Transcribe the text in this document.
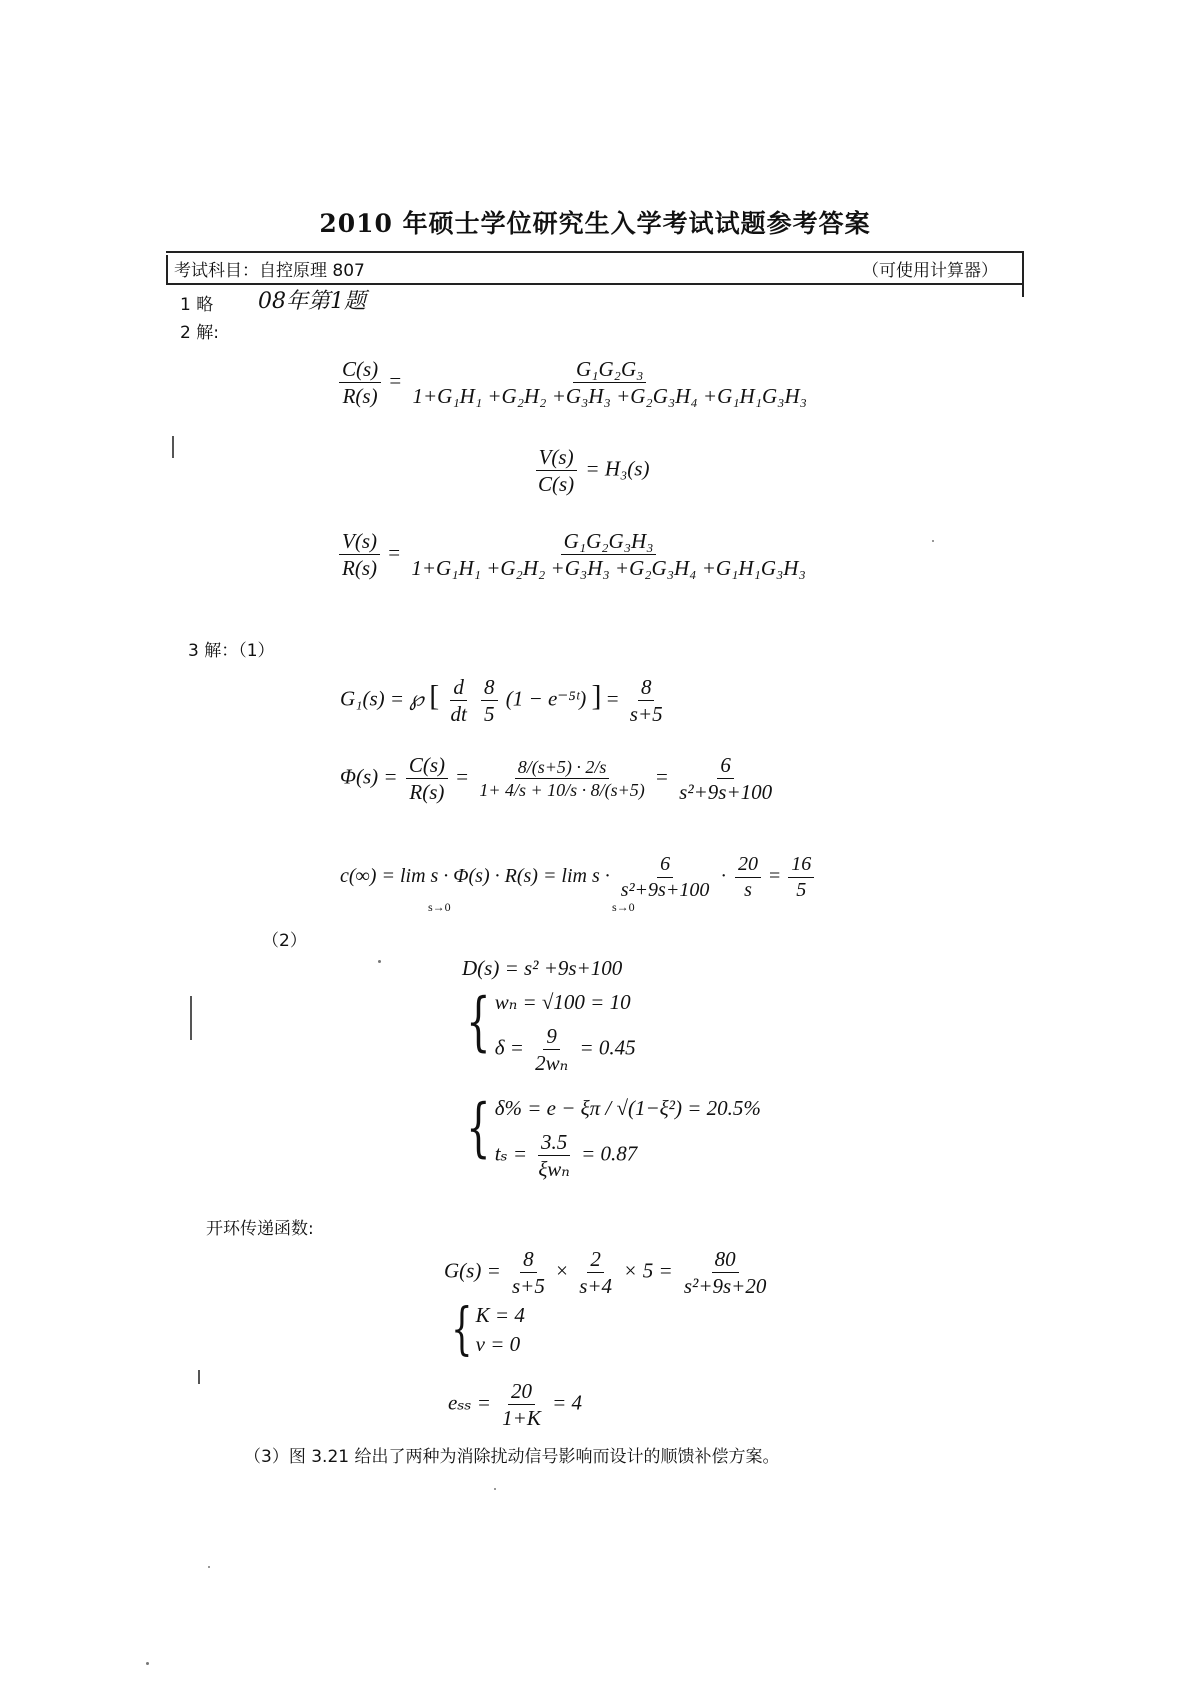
2010 年硕士学位研究生入学考试试题参考答案
考试科目：自控原理 807	（可使用计算器）
1 略 08年第1题
2 解:
$\frac{C(s)}{R(s)} = \frac{\text{G₁G₂G₃}}{\text{1+G₁H₁ +G₂H₂ +G₃H₃ +G₂G₃H₄ +G₁H₁G₃H₃}}$
$\frac{V(s)}{C(s)} = H_3(s)$
$\frac{V(s)}{R(s)} = \frac{\text{G₁G₂G₃H₃}}{\text{1+G₁H₁ +G₂H₂ +G₃H₃ +G₂G₃H₄ +G₁H₁G₃H₃}}$
3 解：（1）
G₁(s) = ℘ [ $\frac{d}{dt}$
$\frac{8}{5} (1$ − e⁻⁵ᵗ) ] = $\frac{8}{s+5}$
$\Phi(s) = \frac{C(s)}{R(s)} = \frac{8/(s+5) \cdot 2/s}{1+ 4/s + 10/s \cdot 8/(s+5)} = \frac{6}{\text{s²+9s+100}}$
$c(\infty) = \lim s \cdot \Phi(s) \cdot R(s) = \lim s \cdot \frac{6}{\text{s²+9s+100}} \cdot \frac{20}{s} = \frac{16}{5}$
s→0	s→0
（2）
D(s) = s² +9s+100
{ wₙ = √100 = 10
$\delta = \frac{9}{\text{2wₙ}} = 0.45$
{ δ% = e − ξπ / √(1−ξ²) = 20.5%
$t_s = \frac{3.5}{\text{ξwₙ}} = 0.87$
开环传递函数:
$G(s) = \frac{8}{s+5} \times \frac{2}{s+4} \times 5 = \frac{80}{\text{s²+9s+20}}$
{ K = 4
ν = 0
$e_{ss} = \frac{20}{1+K} = 4$
（3）图 3.21 给出了两种为消除扰动信号影响而设计的顺馈补偿方案。
